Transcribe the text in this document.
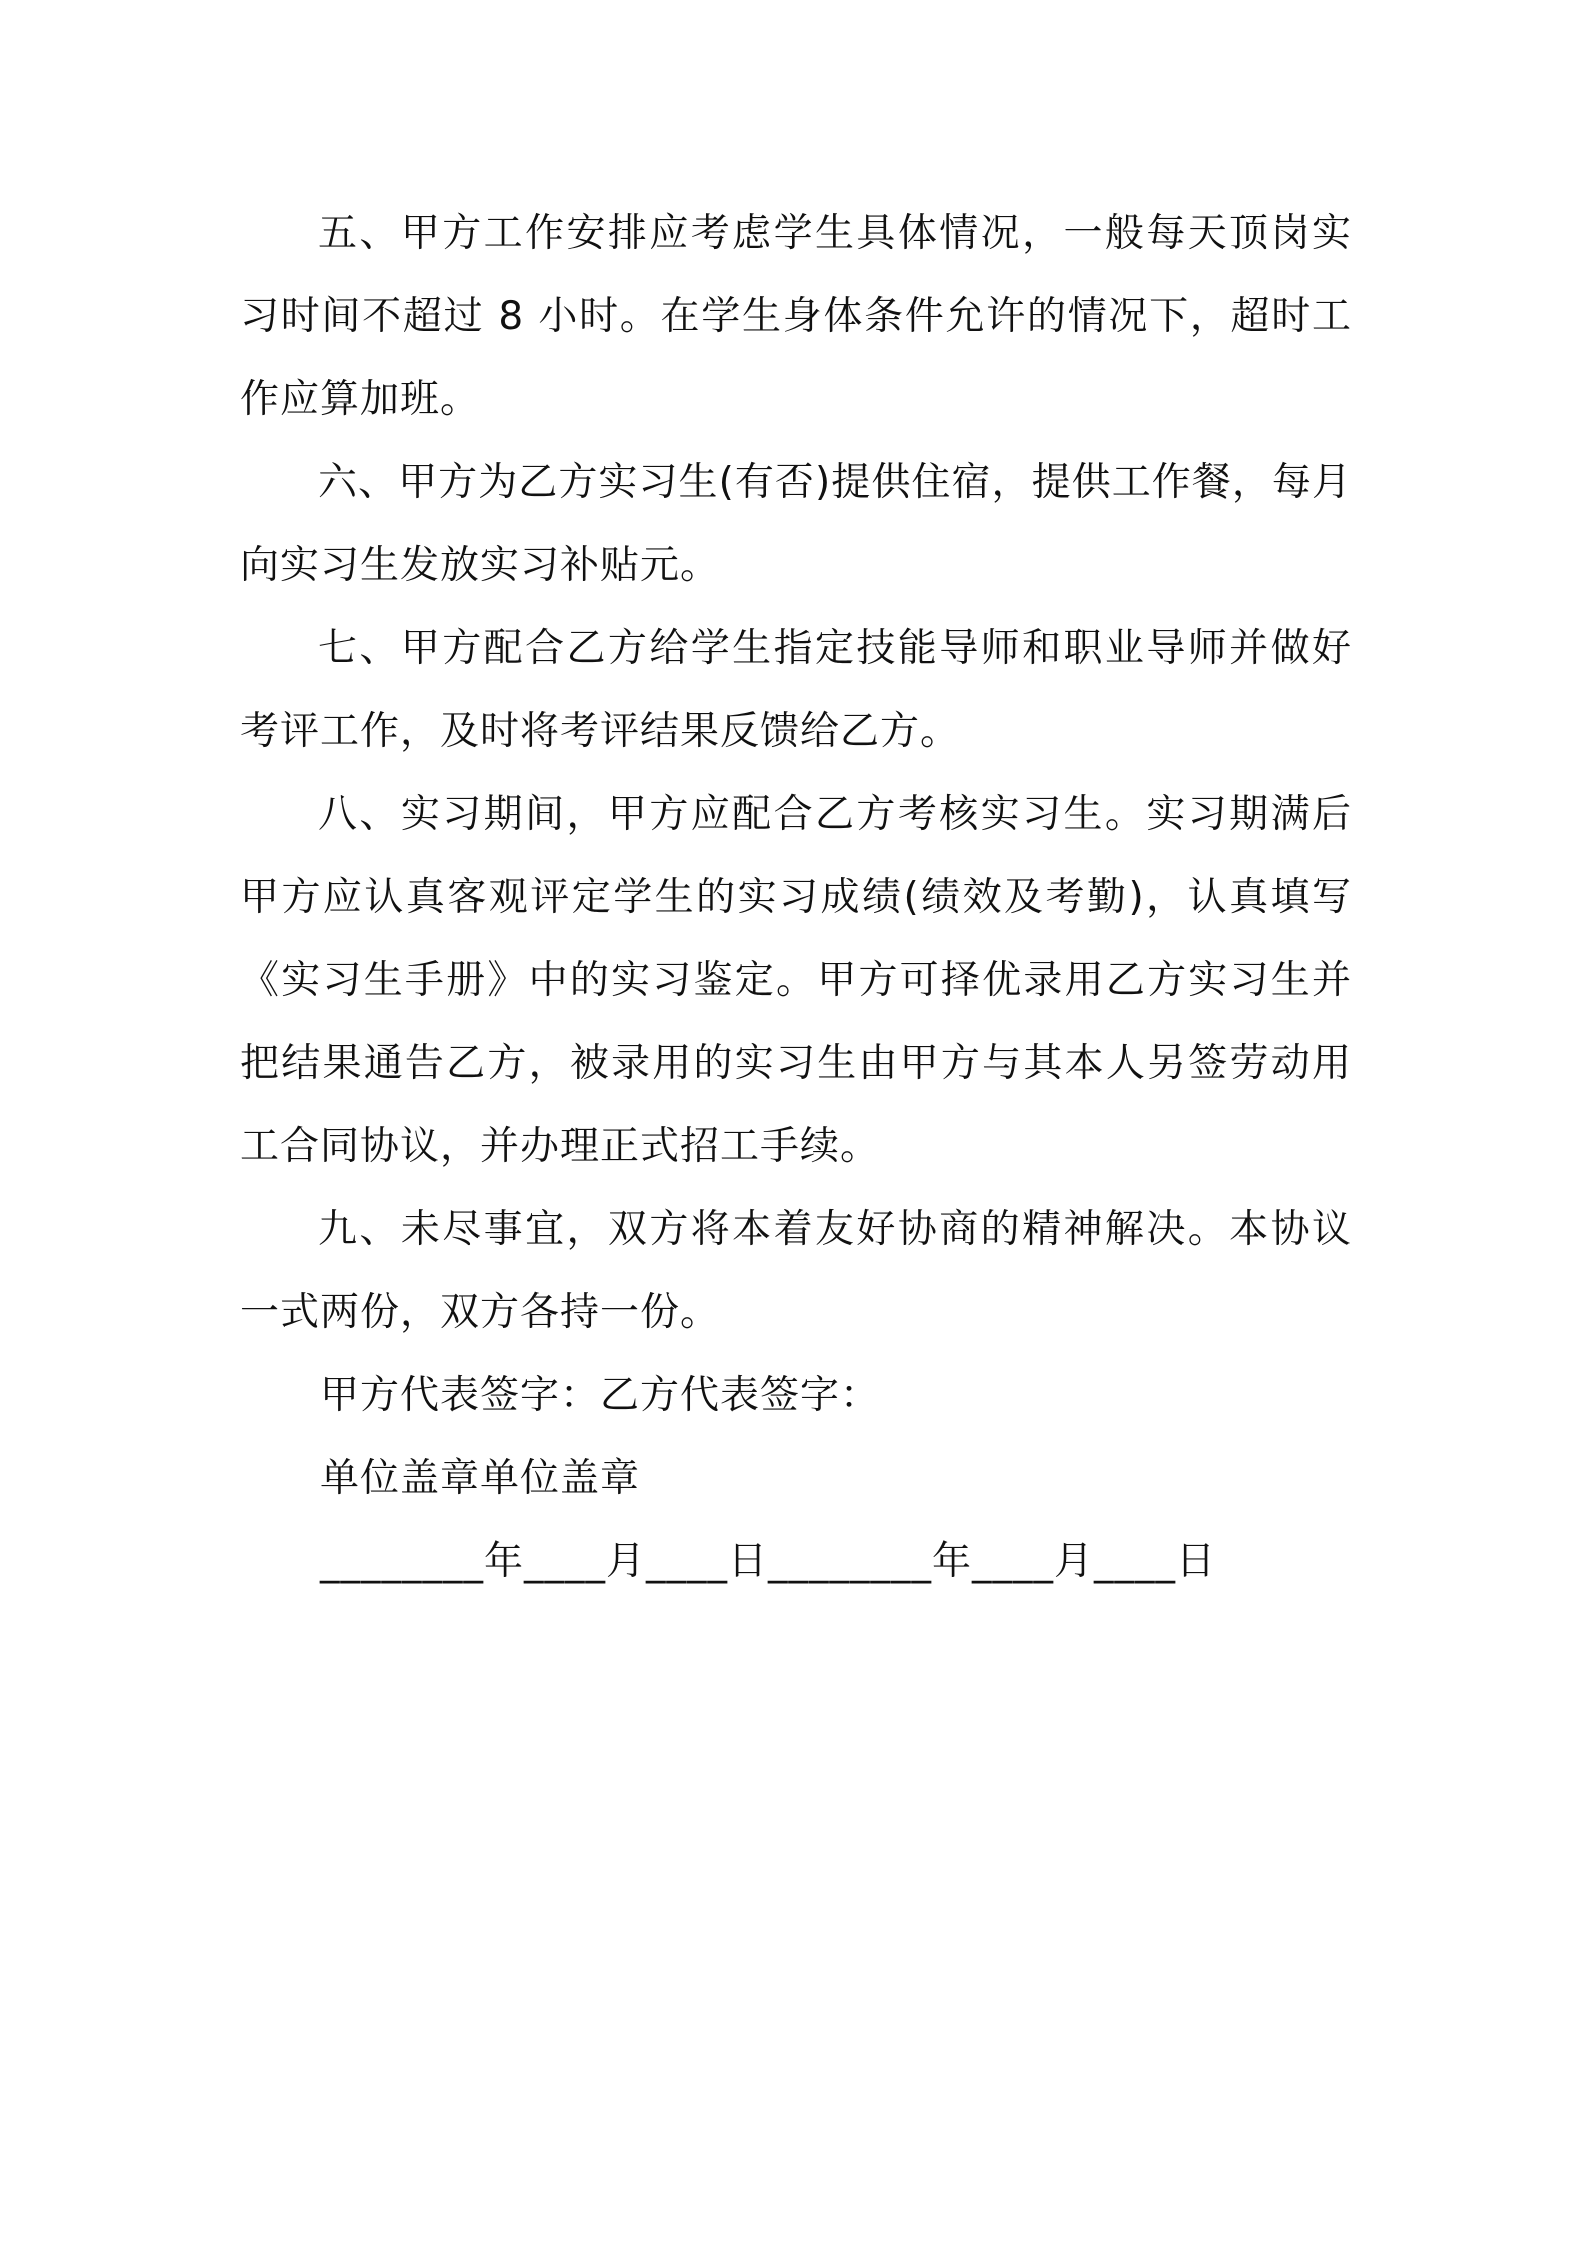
五、甲方工作安排应考虑学生具体情况，一般每天顶岗实习时间不超过 8 小时。在学生身体条件允许的情况下，超时工作应算加班。

六、甲方为乙方实习生(有否)提供住宿，提供工作餐，每月向实习生发放实习补贴元。

七、甲方配合乙方给学生指定技能导师和职业导师并做好考评工作，及时将考评结果反馈给乙方。

八、实习期间，甲方应配合乙方考核实习生。实习期满后甲方应认真客观评定学生的实习成绩(绩效及考勤)，认真填写《实习生手册》中的实习鉴定。甲方可择优录用乙方实习生并把结果通告乙方，被录用的实习生由甲方与其本人另签劳动用工合同协议，并办理正式招工手续。

九、未尽事宜，双方将本着友好协商的精神解决。本协议一式两份，双方各持一份。

甲方代表签字：乙方代表签字：

单位盖章单位盖章

________年____月____日________年____月____日
